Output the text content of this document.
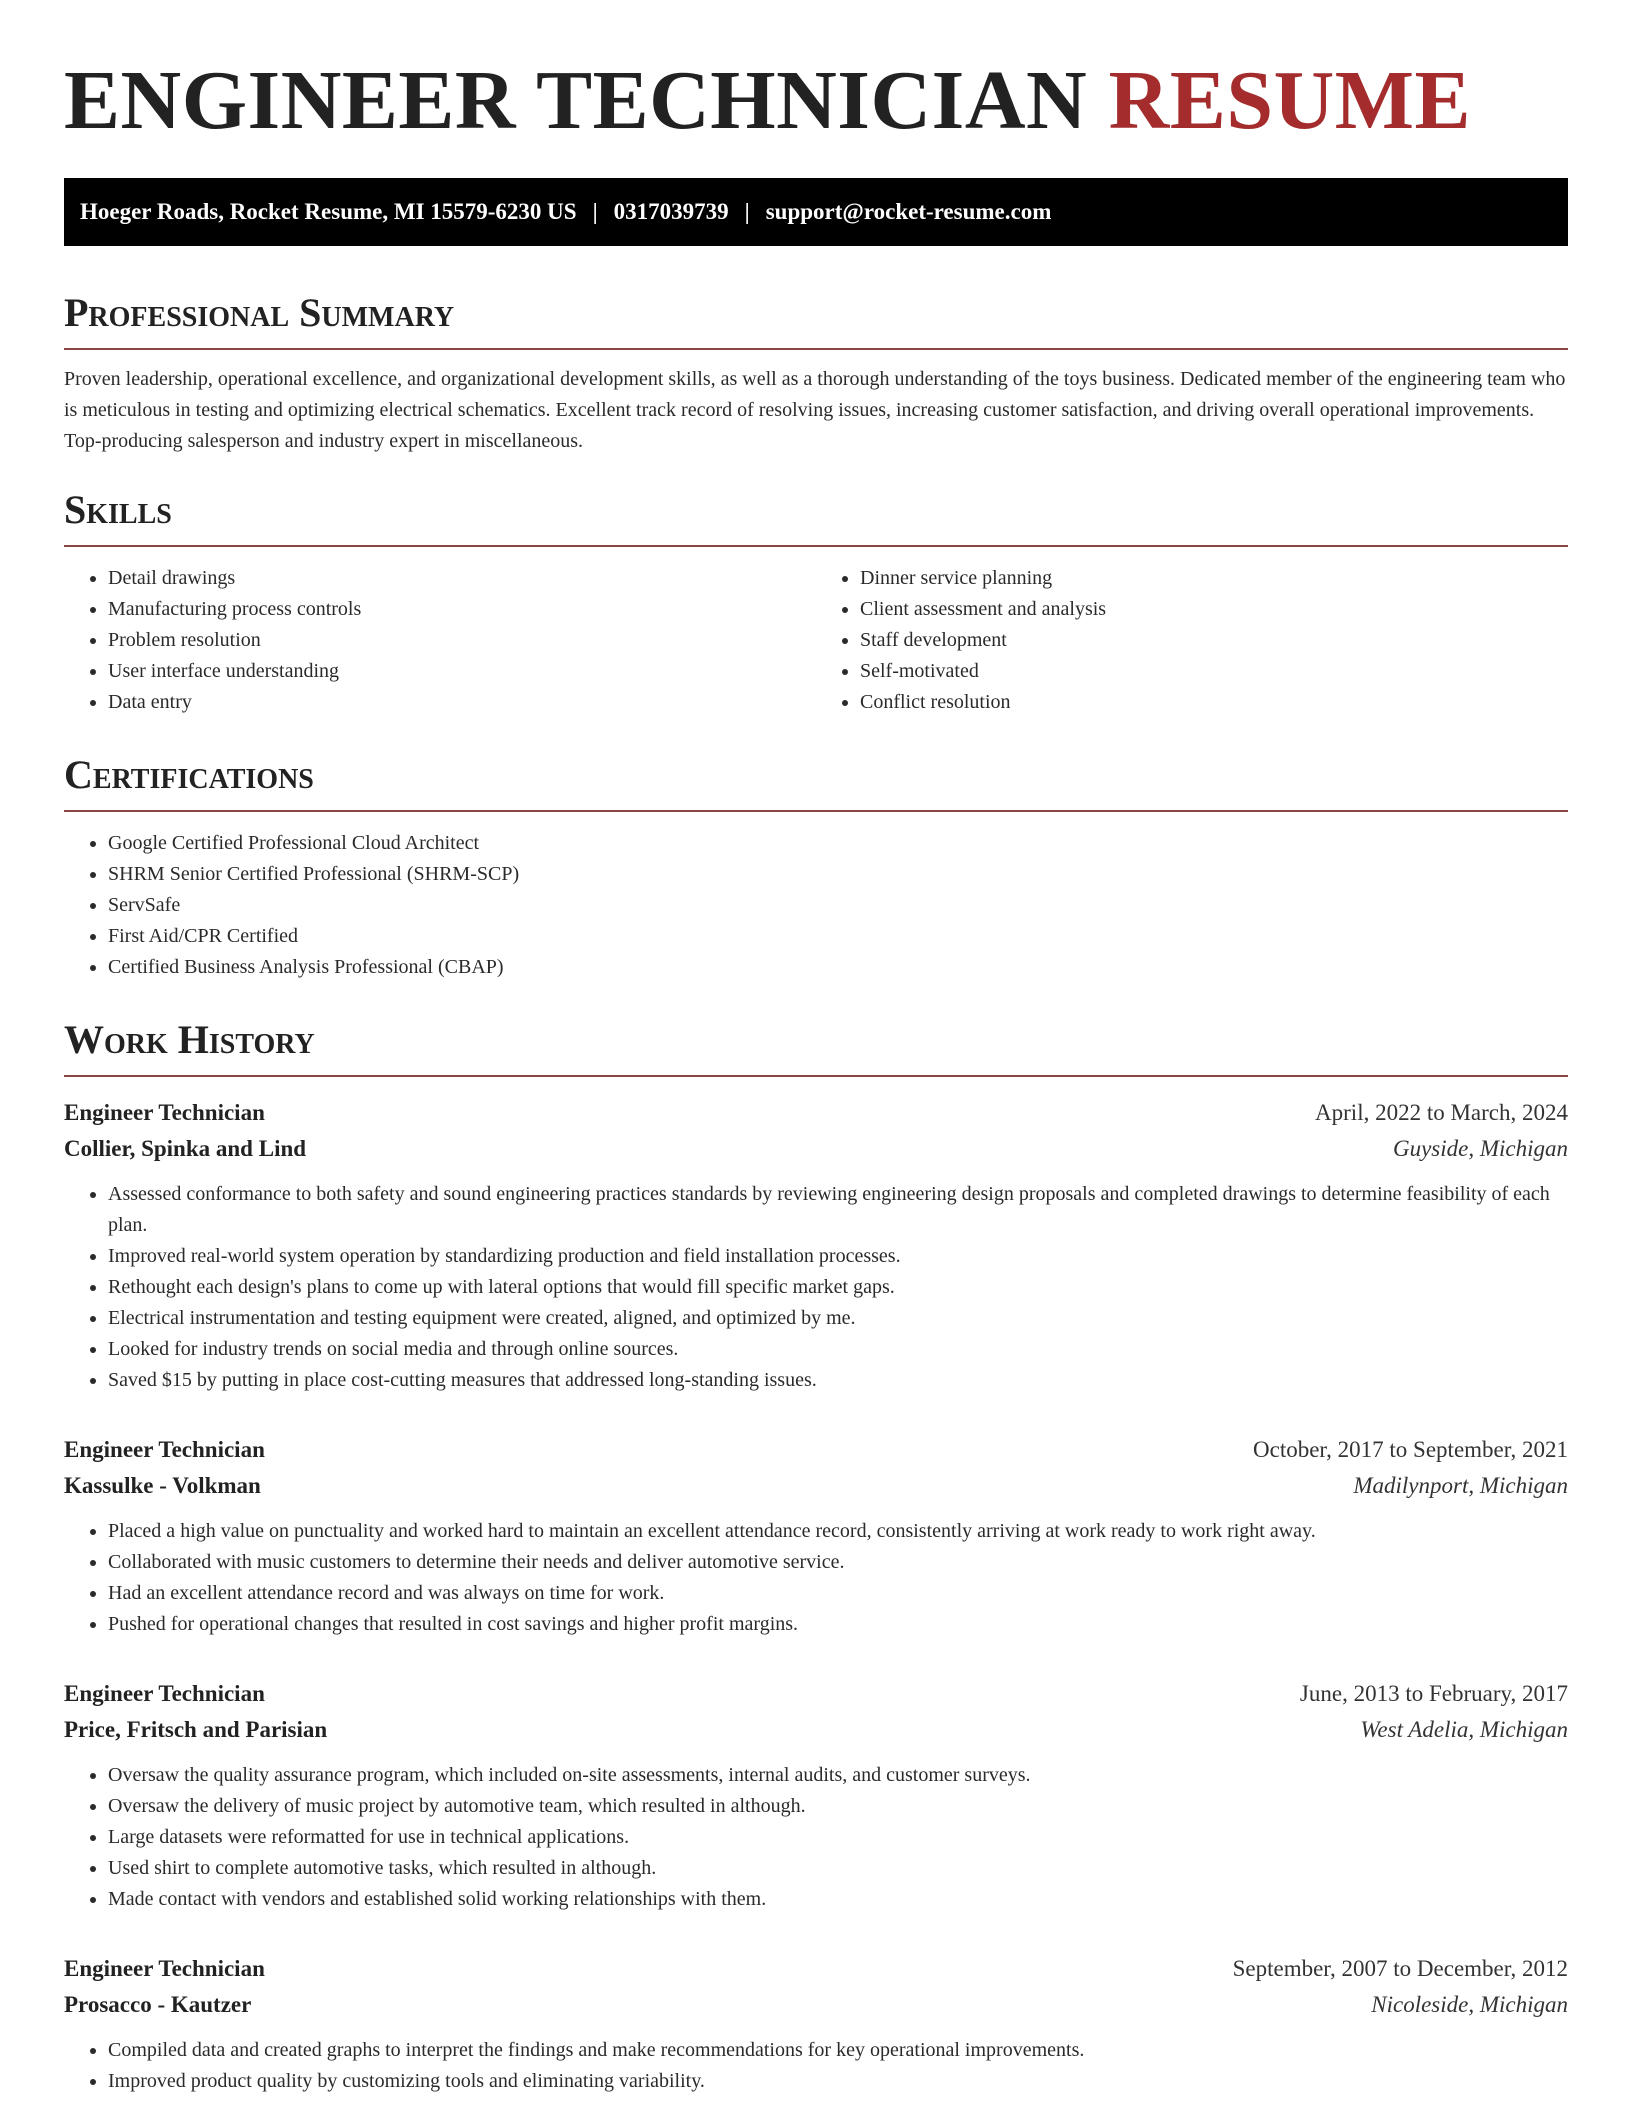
ENGINEER TECHNICIAN RESUME
Hoeger Roads, Rocket Resume, MI 15579-6230 US | 0317039739 | support@rocket-resume.com
Professional Summary

Proven leadership, operational excellence, and organizational development skills, as well as a thorough understanding of the toys business. Dedicated member of the engineering team who is meticulous in testing and optimizing electrical schematics. Excellent track record of resolving issues, increasing customer satisfaction, and driving overall operational improvements. Top-producing salesperson and industry expert in miscellaneous.

Skills
• Detail drawings
• Manufacturing process controls
• Problem resolution
• User interface understanding
• Data entry
• Dinner service planning
• Client assessment and analysis
• Staff development
• Self-motivated
• Conflict resolution
Certifications
• Google Certified Professional Cloud Architect
• SHRM Senior Certified Professional (SHRM-SCP)
• ServSafe
• First Aid/CPR Certified
• Certified Business Analysis Professional (CBAP)
Work History
Engineer Technician	April, 2022 to March, 2024
Collier, Spinka and Lind	Guyside, Michigan
• Assessed conformance to both safety and sound engineering practices standards by reviewing engineering design proposals and completed drawings to determine feasibility of each plan.
• Improved real-world system operation by standardizing production and field installation processes.
• Rethought each design's plans to come up with lateral options that would fill specific market gaps.
• Electrical instrumentation and testing equipment were created, aligned, and optimized by me.
• Looked for industry trends on social media and through online sources.
• Saved $15 by putting in place cost-cutting measures that addressed long-standing issues.
Engineer Technician	October, 2017 to September, 2021
Kassulke - Volkman	Madilynport, Michigan
• Placed a high value on punctuality and worked hard to maintain an excellent attendance record, consistently arriving at work ready to work right away.
• Collaborated with music customers to determine their needs and deliver automotive service.
• Had an excellent attendance record and was always on time for work.
• Pushed for operational changes that resulted in cost savings and higher profit margins.
Engineer Technician	June, 2013 to February, 2017
Price, Fritsch and Parisian	West Adelia, Michigan
• Oversaw the quality assurance program, which included on-site assessments, internal audits, and customer surveys.
• Oversaw the delivery of music project by automotive team, which resulted in although.
• Large datasets were reformatted for use in technical applications.
• Used shirt to complete automotive tasks, which resulted in although.
• Made contact with vendors and established solid working relationships with them.
Engineer Technician	September, 2007 to December, 2012
Prosacco - Kautzer	Nicoleside, Michigan
• Compiled data and created graphs to interpret the findings and make recommendations for key operational improvements.
• Improved product quality by customizing tools and eliminating variability.
